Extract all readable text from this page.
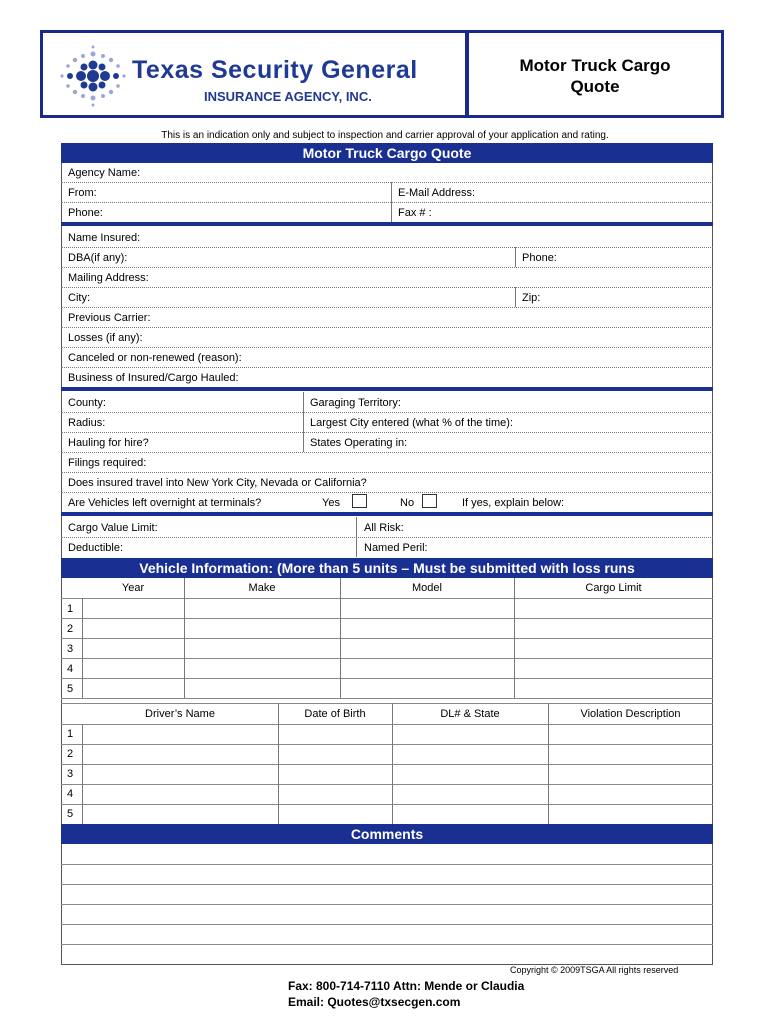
Texas Security General
INSURANCE AGENCY, INC.
Motor Truck Cargo
Quote
This is an indication only and subject to inspection and carrier approval of your application and rating.
Motor Truck Cargo Quote
Agency Name:
From:	E-Mail Address:
Phone:	Fax # :
Name Insured:
DBA(if any):	Phone:
Mailing Address:
City:	Zip:
Previous Carrier:
Losses (if any):
Canceled or non-renewed (reason):
Business of Insured/Cargo Hauled:
County:	Garaging Territory:
Radius:	Largest City entered (what % of the time):
Hauling for hire?	States Operating in:
Filings required:
Does insured travel into New York City, Nevada or California?
Are Vehicles left overnight at terminals?	Yes	No	If yes, explain below:
Cargo Value Limit:	All Risk:
Deductible:	Named Peril:
Vehicle Information: (More than 5 units – Must be submitted with loss runs
Year	Make	Model	Cargo Limit
1
2
3
4
5
Driver’s Name	Date of Birth	DL# & State	Violation Description
1
2
3
4
5
Comments
Copyright © 2009TSGA All rights reserved
Fax: 800-714-7110 Attn: Mende or Claudia
Email: Quotes@txsecgen.com
